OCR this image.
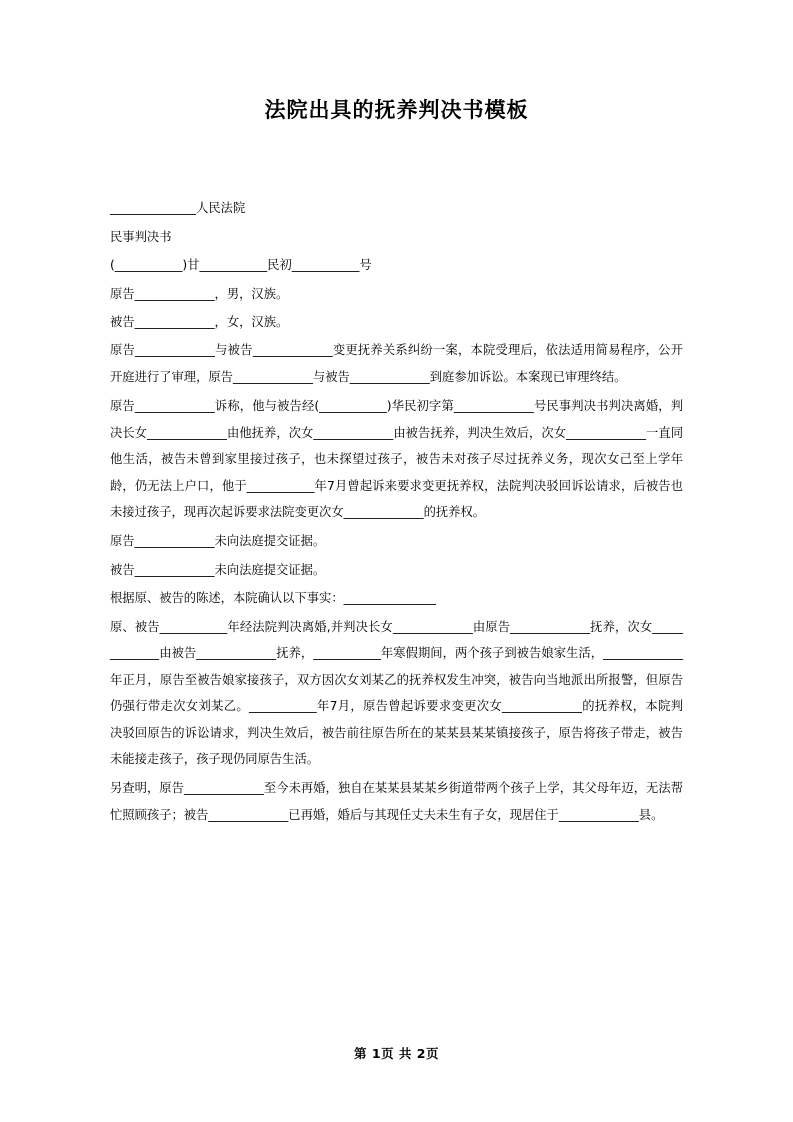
法院出具的抚养判决书模板

______________人民法院

民事判决书

(___________)甘___________民初___________号

原告_____________，男，汉族。

被告_____________，女，汉族。

原告_____________与被告_____________变更抚养关系纠纷一案，本院受理后，依法适用简易程序，公开开庭进行了审理，原告_____________与被告_____________到庭参加诉讼。本案现已审理终结。

原告_____________诉称，他与被告经(___________)华民初字第_____________号民事判决书判决离婚，判决长女_____________由他抚养，次女_____________由被告抚养，判决生效后，次女_____________一直同他生活，被告未曾到家里接过孩子，也未探望过孩子，被告未对孩子尽过抚养义务，现次女己至上学年龄，仍无法上户口，他于___________年7月曾起诉来要求变更抚养权，法院判决驳回诉讼请求，后被告也未接过孩子，现再次起诉要求法院变更次女_____________的抚养权。

原告_____________未向法庭提交证据。

被告_____________未向法庭提交证据。

根据原、被告的陈述，本院确认以下事实：_______________

原、被告___________年经法院判决离婚,并判决长女_____________由原告_____________抚养，次女_____________由被告_____________抚养，___________年寒假期间，两个孩子到被告娘家生活，_____________年正月，原告至被告娘家接孩子，双方因次女刘某乙的抚养权发生冲突，被告向当地派出所报警，但原告仍强行带走次女刘某乙。___________年7月，原告曾起诉要求变更次女_____________的抚养权，本院判决驳回原告的诉讼请求，判决生效后，被告前往原告所在的某某县某某镇接孩子，原告将孩子带走，被告未能接走孩子，孩子现仍同原告生活。

另查明，原告_____________至今未再婚，独自在某某县某某乡街道带两个孩子上学，其父母年迈，无法帮忙照顾孩子；被告_____________已再婚，婚后与其现任丈夫未生有子女，现居住于_____________县。

第 1页 共 2页
